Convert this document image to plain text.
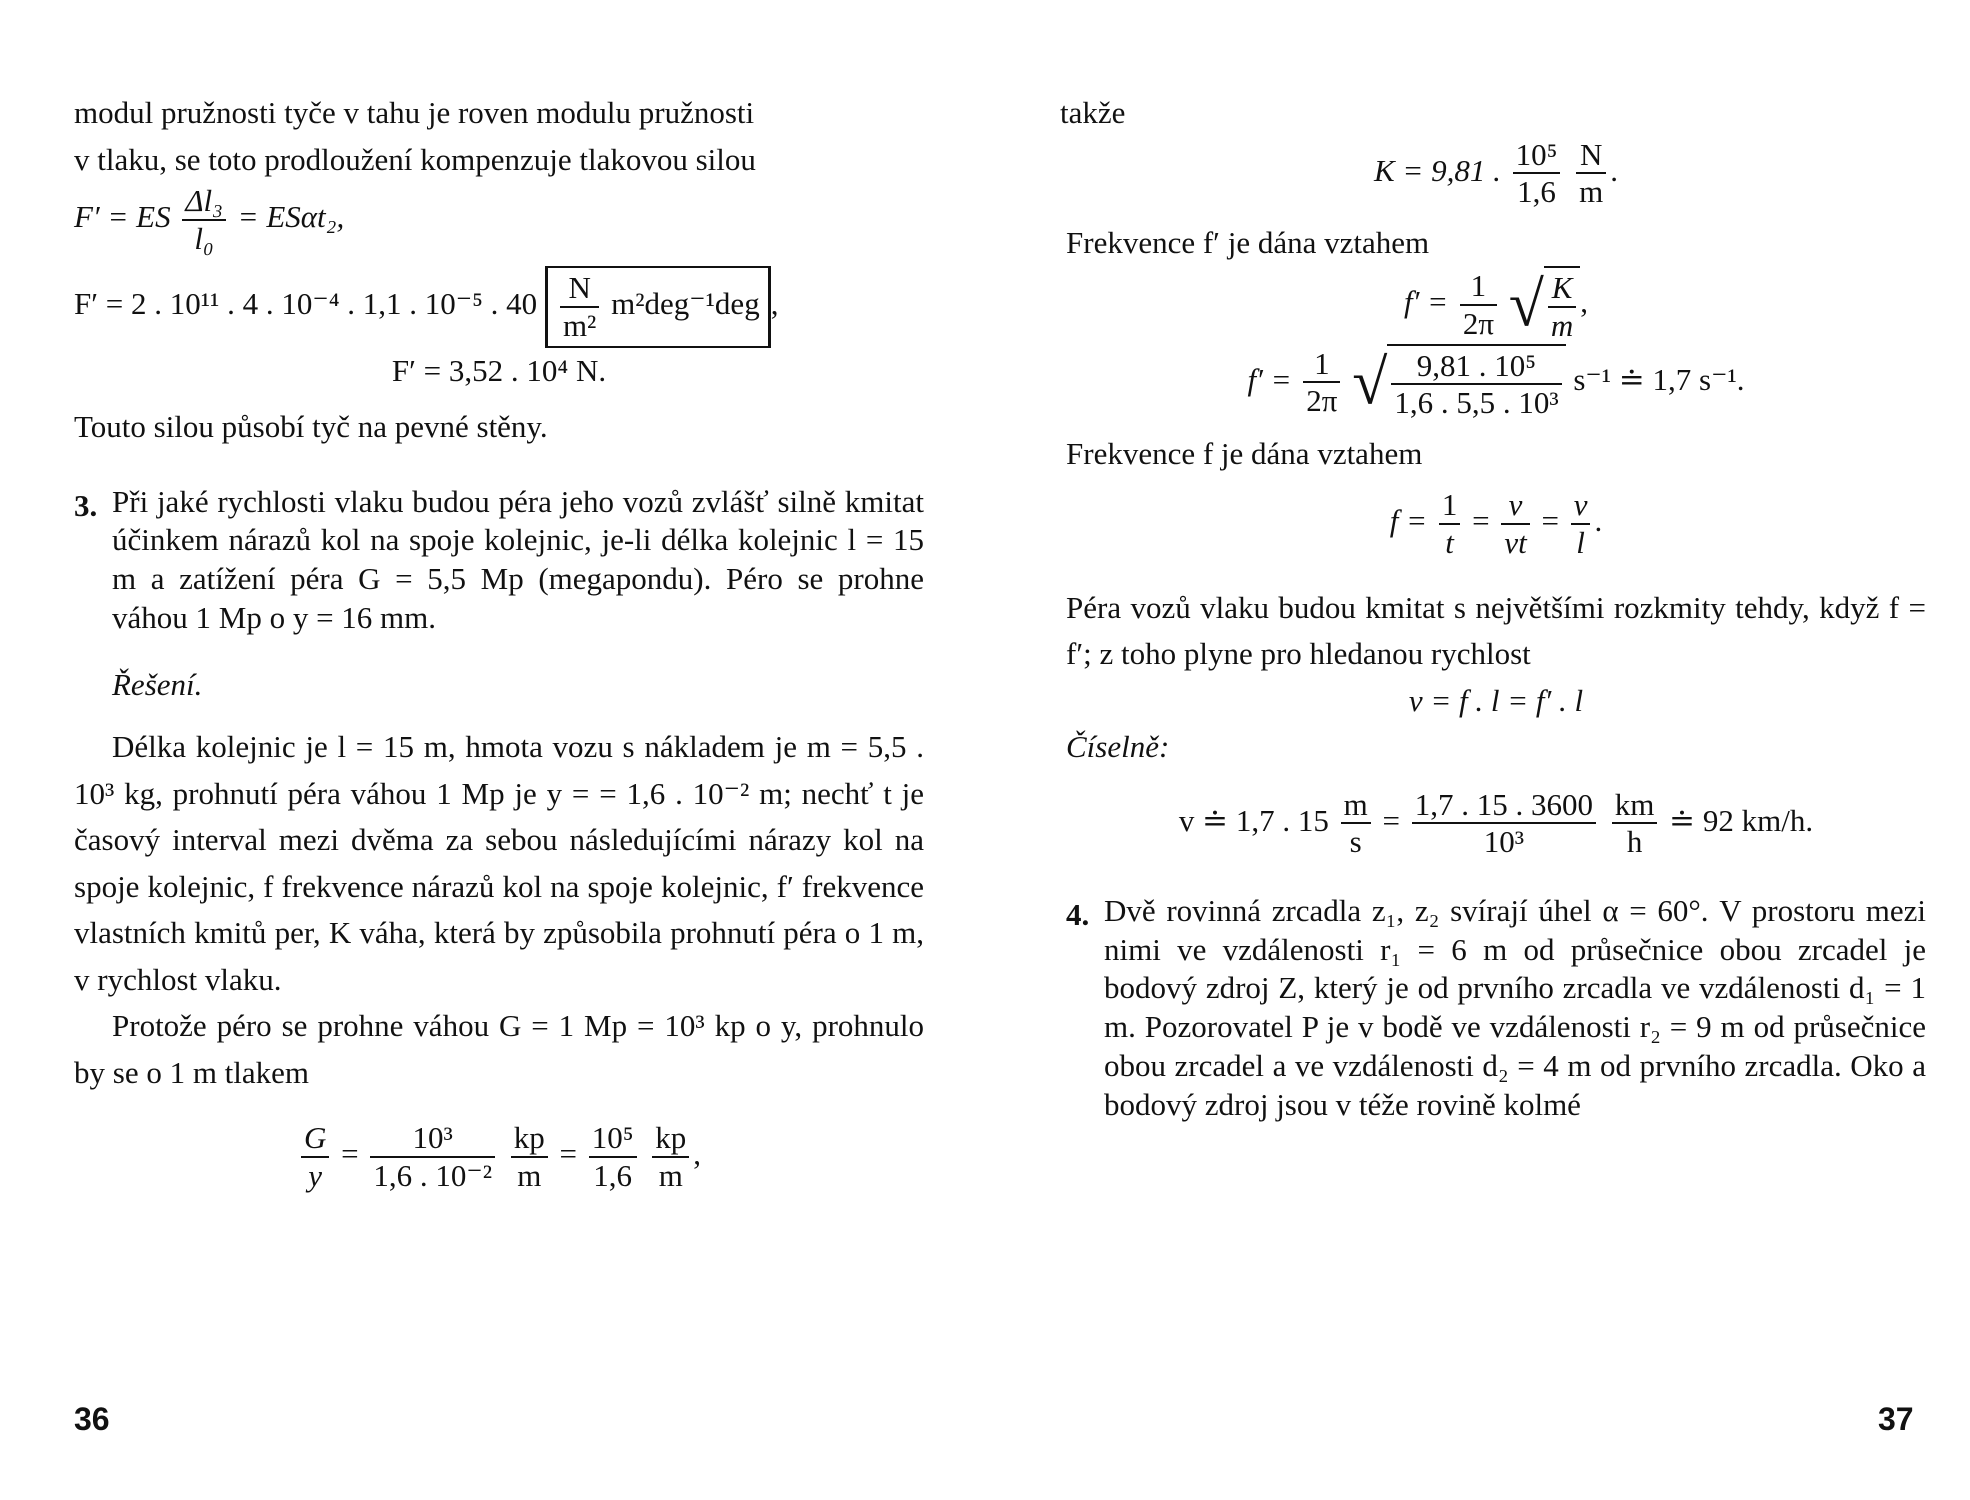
modul pružnosti tyče v tahu je roven modulu pružnosti

v tlaku, se toto prodloužení kompenzuje tlakovou silou

F′ = ES $\frac{\text{Δl₃}}{\text{l₀}} = ES\alpha t_2$,
F′ = 2 . 10¹¹ . 4 . 10⁻⁴ . 1,1 . 10⁻⁵ . $40 \frac{N}{\text{m²}} m^2deg^{-1}deg$ ,
F′ = 3,52 . 10⁴ N.

Touto silou působí tyč na pevné stěny.

3. Při jaké rychlosti vlaku budou péra jeho vozů zvlášť silně kmitat účinkem nárazů kol na spoje kolejnic, je-li délka kolejnic l = 15 m a zatížení péra G = 5,5 Mp (megapondu). Péro se prohne váhou 1 Mp o y = 16 mm.

Řešení.

Délka kolejnic je l = 15 m, hmota vozu s nákladem je m = 5,5 . 10³ kg, prohnutí péra váhou 1 Mp je y = = 1,6 . 10⁻² m; nechť t je časový interval mezi dvěma za sebou následujícími nárazy kol na spoje kolejnic, f frekvence nárazů kol na spoje kolejnic, f′ frekvence vlastních kmitů per, K váha, která by způsobila prohnutí péra o 1 m, v rychlost vlaku.

Protože péro se prohne váhou G = 1 Mp = 10³ kp o y, prohnulo by se o 1 m tlakem

$\frac{G}{y} = \frac{\text{10³}}{\text{1,6 . 10⁻²}}$
$\frac{kp}{m} = \frac{\text{10⁵}}{1,6}$
$\frac{kp}{m}$ ,
36

takže

K = 9,81 . $\frac{\text{10⁵}}{1,6}$
$\frac{N}{m}$ .

Frekvence f′ je dána vztahem

$f' = \frac{1}{2\pi}$ √ $\frac{K}{m}$ ,
$f' = \frac{1}{2\pi}$ √ $\frac{\text{9,81 . 10⁵}}{\text{1,6 . 5,5 . 10³}} s^{-1}$ ≐ 1,7 s⁻¹.

Frekvence f je dána vztahem

$f = \frac{1}{t} = \frac{v}{vt} = \frac{v}{l}$ .

Péra vozů vlaku budou kmitat s největšími rozkmity tehdy, když f = f′; z toho plyne pro hledanou rychlost

v = f . l = f′ . l

Číselně:

v ≐ 1,7 . $15 \frac{m}{s} = \frac{1,7 . 15 . 3600}{\text{10³}}$
$\frac{km}{h}$ ≐ 92 km/h.
4. Dvě rovinná zrcadla z₁, z₂ svírají úhel α = 60°. V prostoru mezi nimi ve vzdálenosti r₁ = 6 m od průsečnice obou zrcadel je bodový zdroj Z, který je od prvního zrcadla ve vzdálenosti d₁ = 1 m. Pozorovatel P je v bodě ve vzdálenosti r₂ = 9 m od průsečnice obou zrcadel a ve vzdálenosti d₂ = 4 m od prvního zrcadla. Oko a bodový zdroj jsou v téže rovině kolmé

37
